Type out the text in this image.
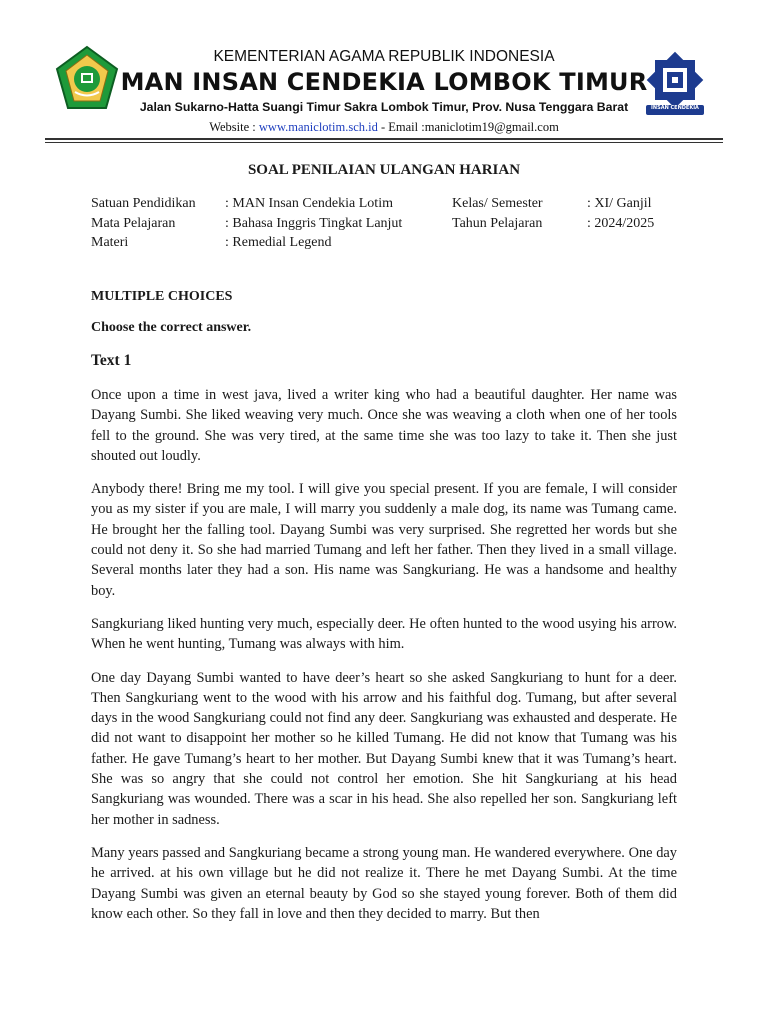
INSAN CENDEKIA
KEMENTERIAN AGAMA REPUBLIK INDONESIA
MAN INSAN CENDEKIA LOMBOK TIMUR
Jalan Sukarno-Hatta Suangi Timur Sakra Lombok Timur, Prov. Nusa Tenggara Barat
Website : www.maniclotim.sch.id - Email :maniclotim19@gmail.com
SOAL PENILAIAN ULANGAN HARIAN
Satuan Pendidikan
Mata Pelajaran
Materi
: MAN Insan Cendekia Lotim
: Bahasa Inggris Tingkat Lanjut
: Remedial Legend
Kelas/ Semester
Tahun Pelajaran
: XI/ Ganjil
: 2024/2025
MULTIPLE CHOICES
Choose the correct answer.
Text 1

Once upon a time in west java, lived a writer king who had a beautiful daughter. Her name was Dayang Sumbi. She liked weaving very much. Once she was weaving a cloth when one of her tools fell to the ground. She was very tired, at the same time she was too lazy to take it. Then she just shouted out loudly.

Anybody there! Bring me my tool. I will give you special present. If you are female, I will consider you as my sister if you are male, I will marry you suddenly a male dog, its name was Tumang came. He brought her the falling tool. Dayang Sumbi was very surprised. She regretted her words but she could not deny it. So she had married Tumang and left her father. Then they lived in a small village. Several months later they had a son. His name was Sangkuriang. He was a handsome and healthy boy.

Sangkuriang liked hunting very much, especially deer. He often hunted to the wood usying his arrow. When he went hunting, Tumang was always with him.

One day Dayang Sumbi wanted to have deer’s heart so she asked Sangkuriang to hunt for a deer. Then Sangkuriang went to the wood with his arrow and his faithful dog. Tumang, but after several days in the wood Sangkuriang could not find any deer. Sangkuriang was exhausted and desperate. He did not want to disappoint her mother so he killed Tumang. He did not know that Tumang was his father. He gave Tumang’s heart to her mother. But Dayang Sumbi knew that it was Tumang’s heart. She was so angry that she could not control her emotion. She hit Sangkuriang at his head Sangkuriang was wounded. There was a scar in his head. She also repelled her son. Sangkuriang left her mother in sadness.

Many years passed and Sangkuriang became a strong young man. He wandered everywhere. One day he arrived. at his own village but he did not realize it. There he met Dayang Sumbi. At the time Dayang Sumbi was given an eternal beauty by God so she stayed young forever. Both of them did know each other. So they fall in love and then they decided to marry. But then
